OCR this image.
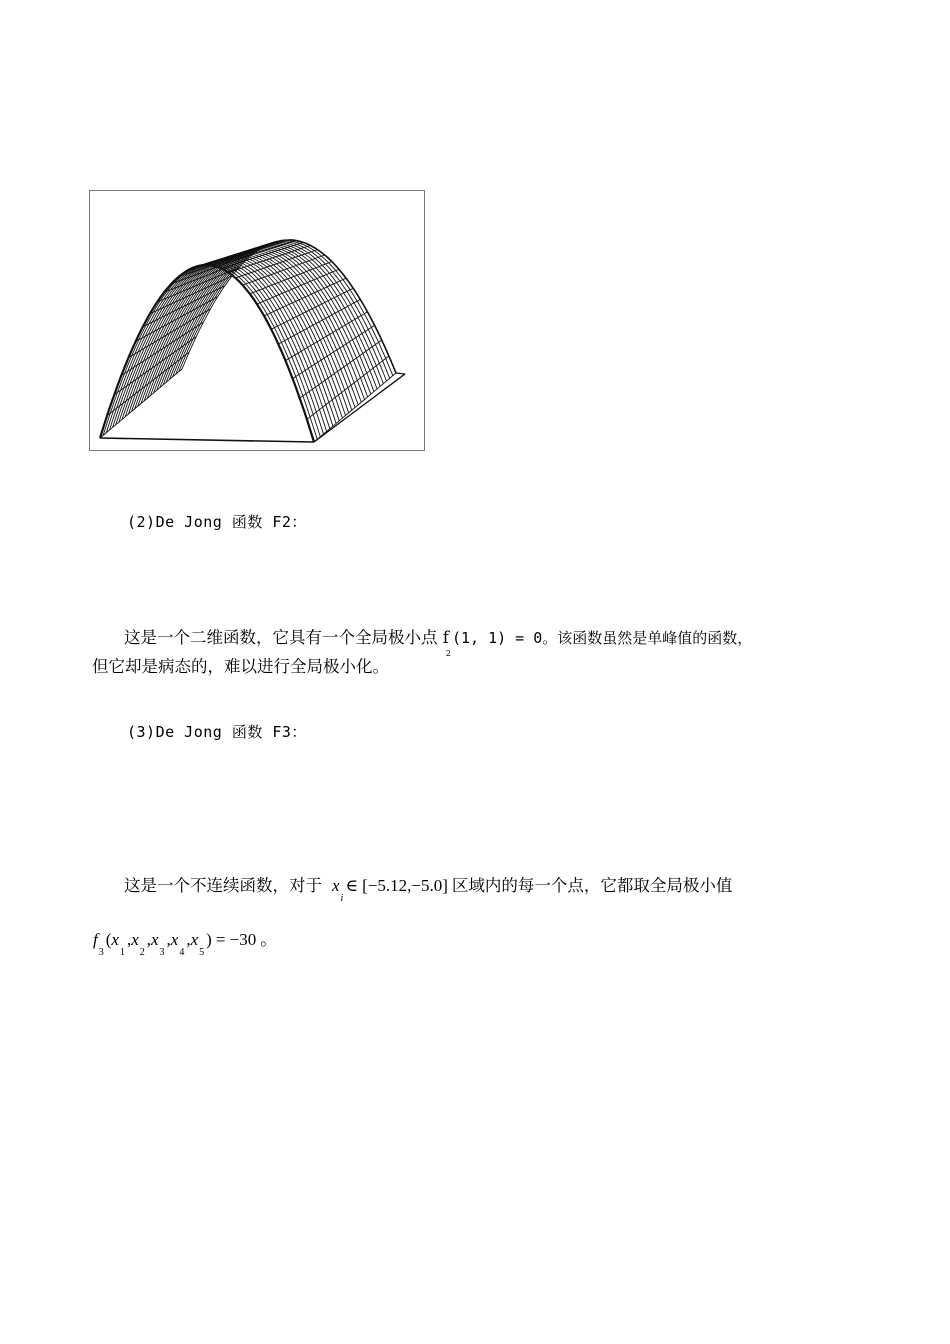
(2)De Jong 函数 F2：
这是一个二维函数，它具有一个全局极小点 $f_2(1$, 1) = 0。该函数虽然是单峰值的函数，
但它却是病态的，难以进行全局极小化。
(3)De Jong 函数 F3：
这是一个不连续函数，对于 $x_i\in$ [−5.12,−5.0] 区域内的每一个点，它都取全局极小值
$f_3(x_1,x_2,x_3,x_4,x_5) = -30$ 。
